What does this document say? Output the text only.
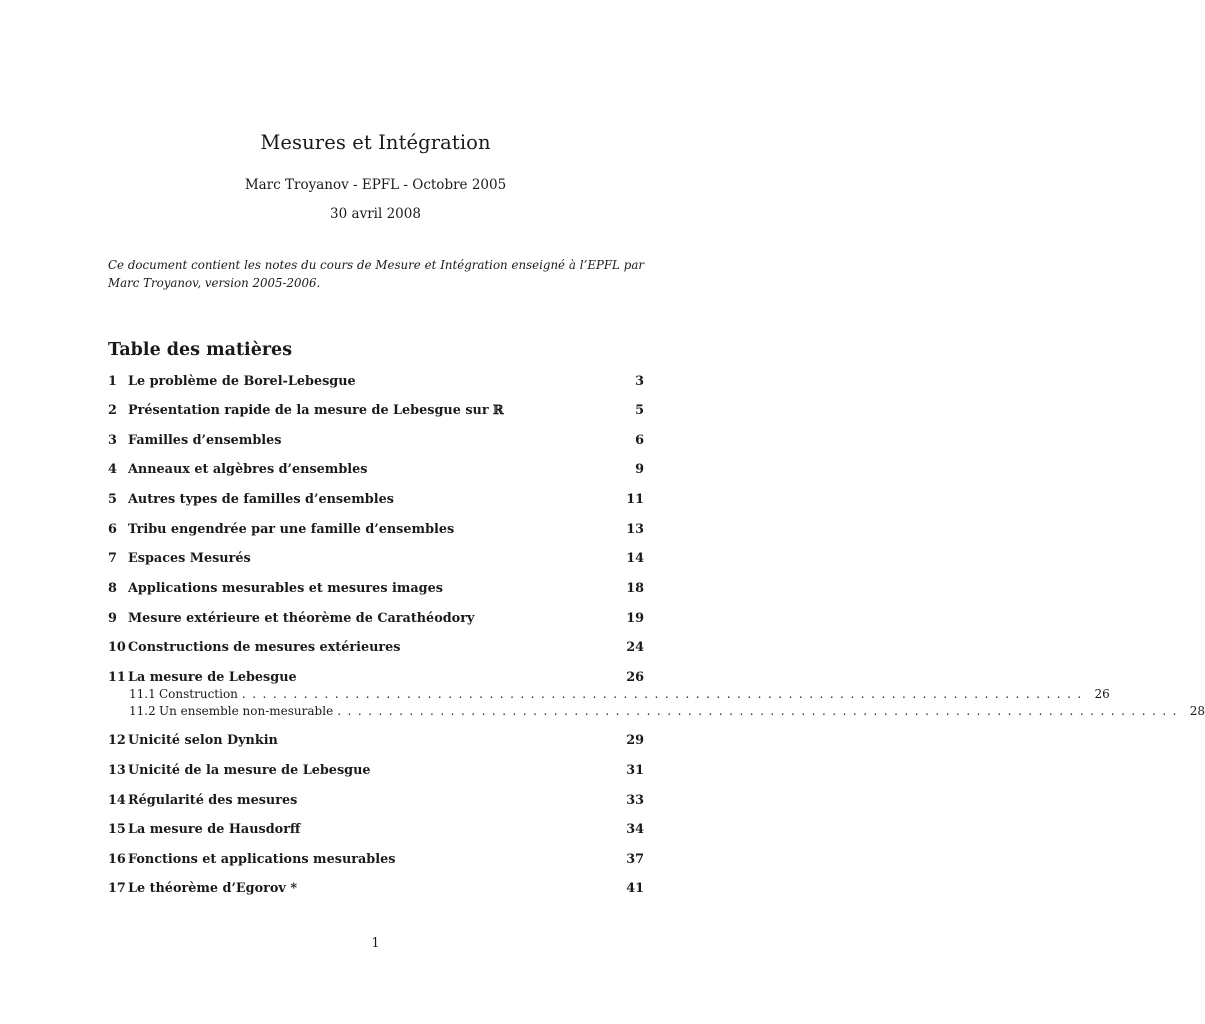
Mesures et Intégration
Marc Troyanov - EPFL - Octobre 2005
30 avril 2008
Ce document contient les notes du cours de Mesure et Intégration enseigné à l’EPFL par Marc Troyanov, version 2005-2006.
Table des matières
1 Le problème de Borel-Lebesgue	3
2 Présentation rapide de la mesure de Lebesgue sur ℝ	5
3 Familles d’ensembles	6
4 Anneaux et algèbres d’ensembles	9
5 Autres types de familles d’ensembles	11
6 Tribu engendrée par une famille d’ensembles	13
7 Espaces Mesurés	14
8 Applications mesurables et mesures images	18
9 Mesure extérieure et théorème de Carathéodory	19
10 Constructions de mesures extérieures	24
11 La mesure de Lebesgue	26
11.1 Construction .................................................................................. 26
11.2 Un ensemble non-mesurable .................................................................................. 28
12 Unicité selon Dynkin	29
13 Unicité de la mesure de Lebesgue	31
14 Régularité des mesures	33
15 La mesure de Hausdorff	34
16 Fonctions et applications mesurables	37
17 Le théorème d’Egorov *	41
1
